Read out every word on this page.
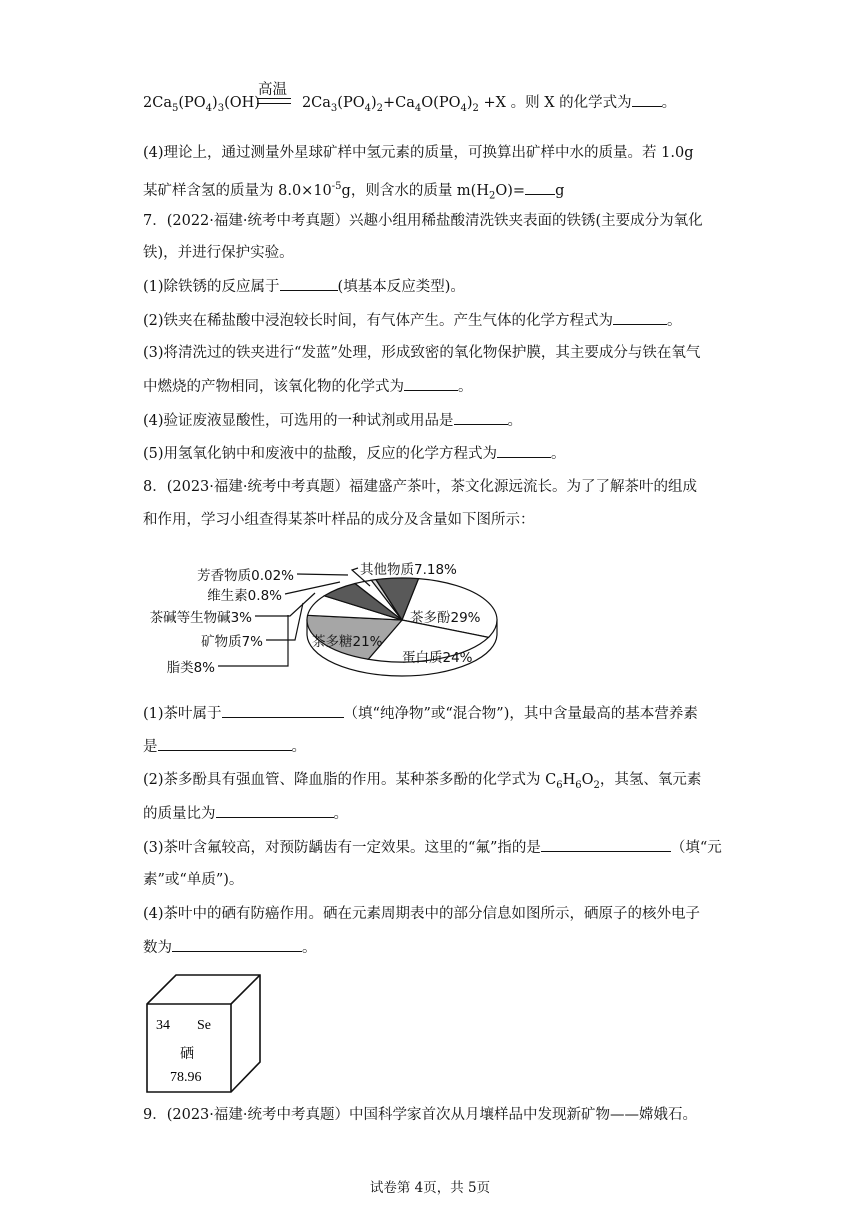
高温
$2Ca_5(PO_4)_3(OH)$	$2Ca_3(PO_4)_2+Ca_4O(PO_4)_2 +X$ 。则 X 的化学式为 。
(4)理论上，通过测量外星球矿样中氢元素的质量，可换算出矿样中水的质量。若 1.0g
某矿样含氢的质量为 $8.0\times 10^{-5}g$，则含水的质量 $m(H_2O)= g$
7．(2022·福建·统考中考真题）兴趣小组用稀盐酸清洗铁夹表面的铁锈(主要成分为氧化
铁)，并进行保护实验。
(1)除铁锈的反应属于	(填基本反应类型)。
(2)铁夹在稀盐酸中浸泡较长时间，有气体产生。产生气体的化学方程式为	。
(3)将清洗过的铁夹进行“发蓝”处理，形成致密的氧化物保护膜，其主要成分与铁在氧气
中燃烧的产物相同，该氧化物的化学式为	。
(4)验证废液显酸性，可选用的一种试剂或用品是	。
(5)用氢氧化钠中和废液中的盐酸，反应的化学方程式为	。
8．(2023·福建·统考中考真题）福建盛产茶叶，茶文化源远流长。为了了解茶叶的组成
和作用，学习小组查得某茶叶样品的成分及含量如下图所示：
茶多酚29%
蛋白质24%
茶多糖21%
脂类8%
矿物质7%
茶碱等生物碱3%
维生素0.8%
芳香物质0.02%	其他物质7.18%
(1)茶叶属于	（填“纯净物”或“混合物”)，其中含量最高的基本营养素
是	。
(2)茶多酚具有强血管、降血脂的作用。某种茶多酚的化学式为 $C_6H_6O_2$，其氢、氧元素
的质量比为	。
(3)茶叶含氟较高，对预防龋齿有一定效果。这里的“氟”指的是	（填“元
素”或“单质”)。
(4)茶叶中的硒有防癌作用。硒在元素周期表中的部分信息如图所示，硒原子的核外电子
数为	。
34 Se
硒
78.96
9．(2023·福建·统考中考真题）中国科学家首次从月壤样品中发现新矿物——嫦娥石。
试卷第 4页，共 5页
